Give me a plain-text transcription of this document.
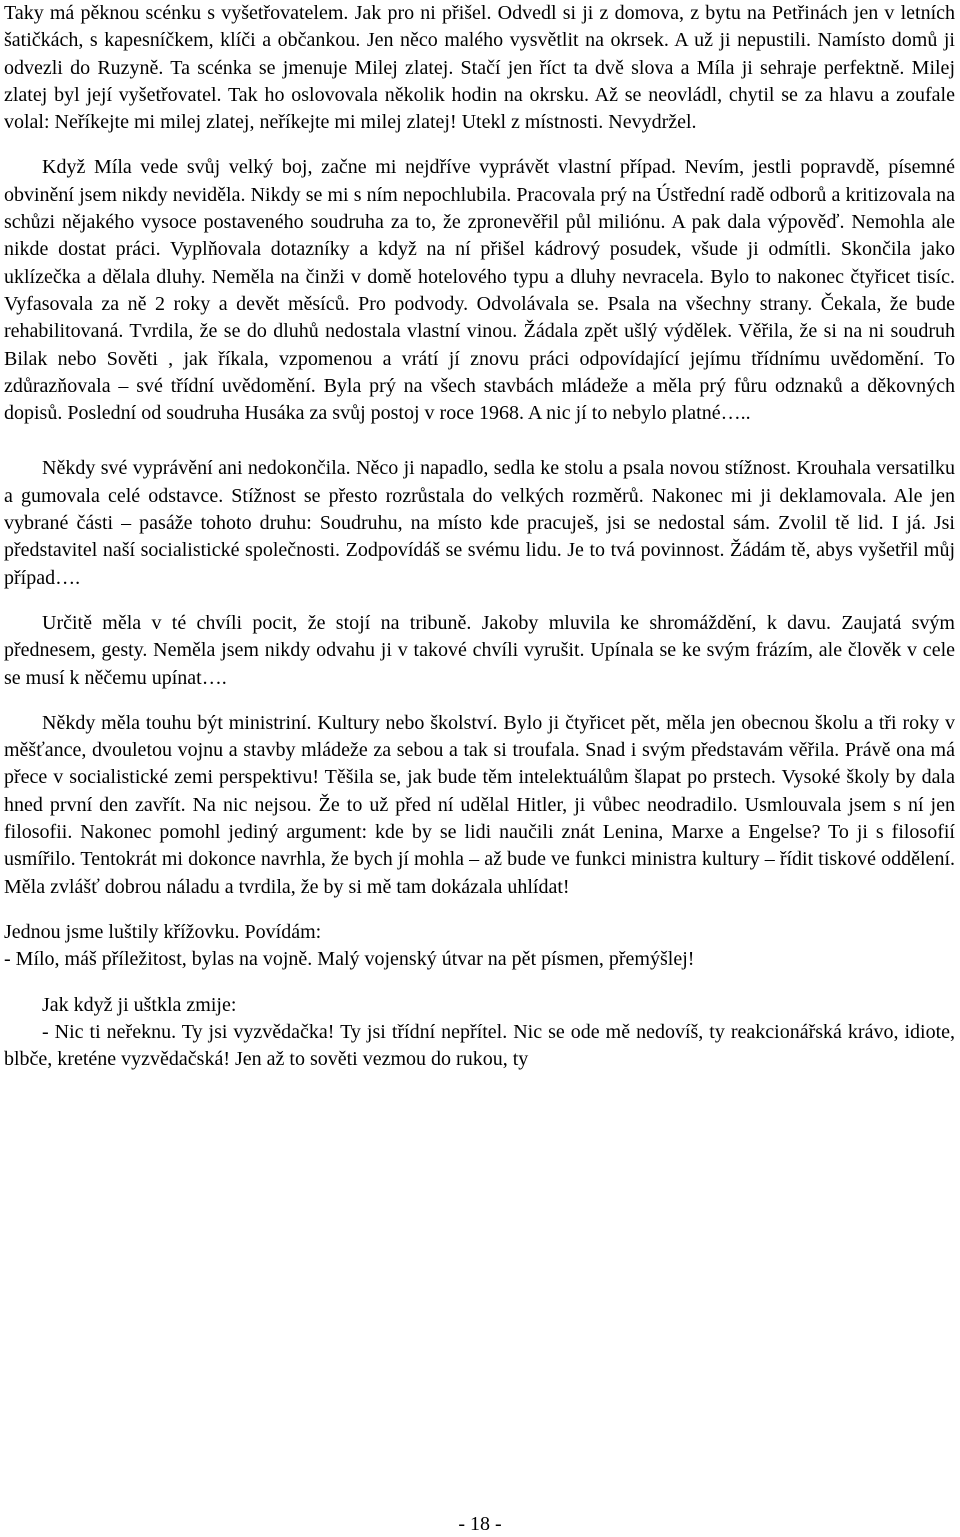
Taky má pěknou scénku s vyšetřovatelem. Jak pro ni přišel. Odvedl si ji z domova, z bytu na Petřinách jen v letních šatičkách, s kapesníčkem, klíči a občankou. Jen něco malého vysvětlit na okrsek. A už ji nepustili. Namísto domů ji odvezli do Ruzyně. Ta scénka se jmenuje Milej zlatej. Stačí jen říct ta dvě slova a Míla ji sehraje perfektně. Milej zlatej byl její vyšetřovatel. Tak ho oslovovala několik hodin na okrsku. Až se neovládl, chytil se za hlavu a zoufale volal: Neříkejte mi milej zlatej, neříkejte mi milej zlatej! Utekl z místnosti. Nevydržel.

Když Míla vede svůj velký boj, začne mi nejdříve vyprávět vlastní případ. Nevím, jestli popravdě, písemné obvinění jsem nikdy neviděla. Nikdy se mi s ním nepochlubila. Pracovala prý na Ústřední radě odborů a kritizovala na schůzi nějakého vysoce postaveného soudruha za to, že zpronevěřil půl miliónu. A pak dala výpověď. Nemohla ale nikde dostat práci. Vyplňovala dotazníky a když na ní přišel kádrový posudek, všude ji odmítli. Skončila jako uklízečka a dělala dluhy. Neměla na činži v domě hotelového typu a dluhy nevracela. Bylo to nakonec čtyřicet tisíc. Vyfasovala za ně 2 roky a devět měsíců. Pro podvody. Odvolávala se. Psala na všechny strany. Čekala, že bude rehabilitovaná. Tvrdila, že se do dluhů nedostala vlastní vinou. Žádala zpět ušlý výdělek. Věřila, že si na ni soudruh Bilak nebo Sověti , jak říkala, vzpomenou a vrátí jí znovu práci odpovídající jejímu třídnímu uvědomění. To zdůrazňovala – své třídní uvědomění. Byla prý na všech stavbách mládeže a měla prý fůru odznaků a děkovných dopisů. Poslední od soudruha Husáka za svůj postoj v roce 1968. A nic jí to nebylo platné…..

Někdy své vyprávění ani nedokončila. Něco ji napadlo, sedla ke stolu a psala novou stížnost. Krouhala versatilku a gumovala celé odstavce. Stížnost se přesto rozrůstala do velkých rozměrů. Nakonec mi ji deklamovala. Ale jen vybrané části – pasáže tohoto druhu: Soudruhu, na místo kde pracuješ, jsi se nedostal sám. Zvolil tě lid. I já. Jsi představitel naší socialistické společnosti. Zodpovídáš se svému lidu. Je to tvá povinnost. Žádám tě, abys vyšetřil můj případ….

Určitě měla v té chvíli pocit, že stojí na tribuně. Jakoby mluvila ke shromáždění, k davu. Zaujatá svým přednesem, gesty. Neměla jsem nikdy odvahu ji v takové chvíli vyrušit. Upínala se ke svým frázím, ale člověk v cele se musí k něčemu upínat….

Někdy měla touhu být ministriní. Kultury nebo školství. Bylo ji čtyřicet pět, měla jen obecnou školu a tři roky v měšťance, dvouletou vojnu a stavby mládeže za sebou a tak si troufala. Snad i svým představám věřila. Právě ona má přece v socialistické zemi perspektivu! Těšila se, jak bude těm intelektuálům šlapat po prstech. Vysoké školy by dala hned první den zavřít. Na nic nejsou. Že to už před ní udělal Hitler, ji vůbec neodradilo. Usmlouvala jsem s ní jen filosofii. Nakonec pomohl jediný argument: kde by se lidi naučili znát Lenina, Marxe a Engelse? To ji s filosofií usmířilo. Tentokrát mi dokonce navrhla, že bych jí mohla – až bude ve funkci ministra kultury – řídit tiskové oddělení. Měla zvlášť dobrou náladu a tvrdila, že by si mě tam dokázala uhlídat!

Jednou jsme luštily křížovku. Povídám:

- Mílo, máš příležitost, bylas na vojně. Malý vojenský útvar na pět písmen, přemýšlej!

Jak když ji uštkla zmije:

- Nic ti neřeknu. Ty jsi vyzvědačka! Ty jsi třídní nepřítel. Nic se ode mě nedovíš, ty reakcionářská krávo, idiote, blbče, kreténe vyzvědačská! Jen až to sověti vezmou do rukou, ty

- 18 -
